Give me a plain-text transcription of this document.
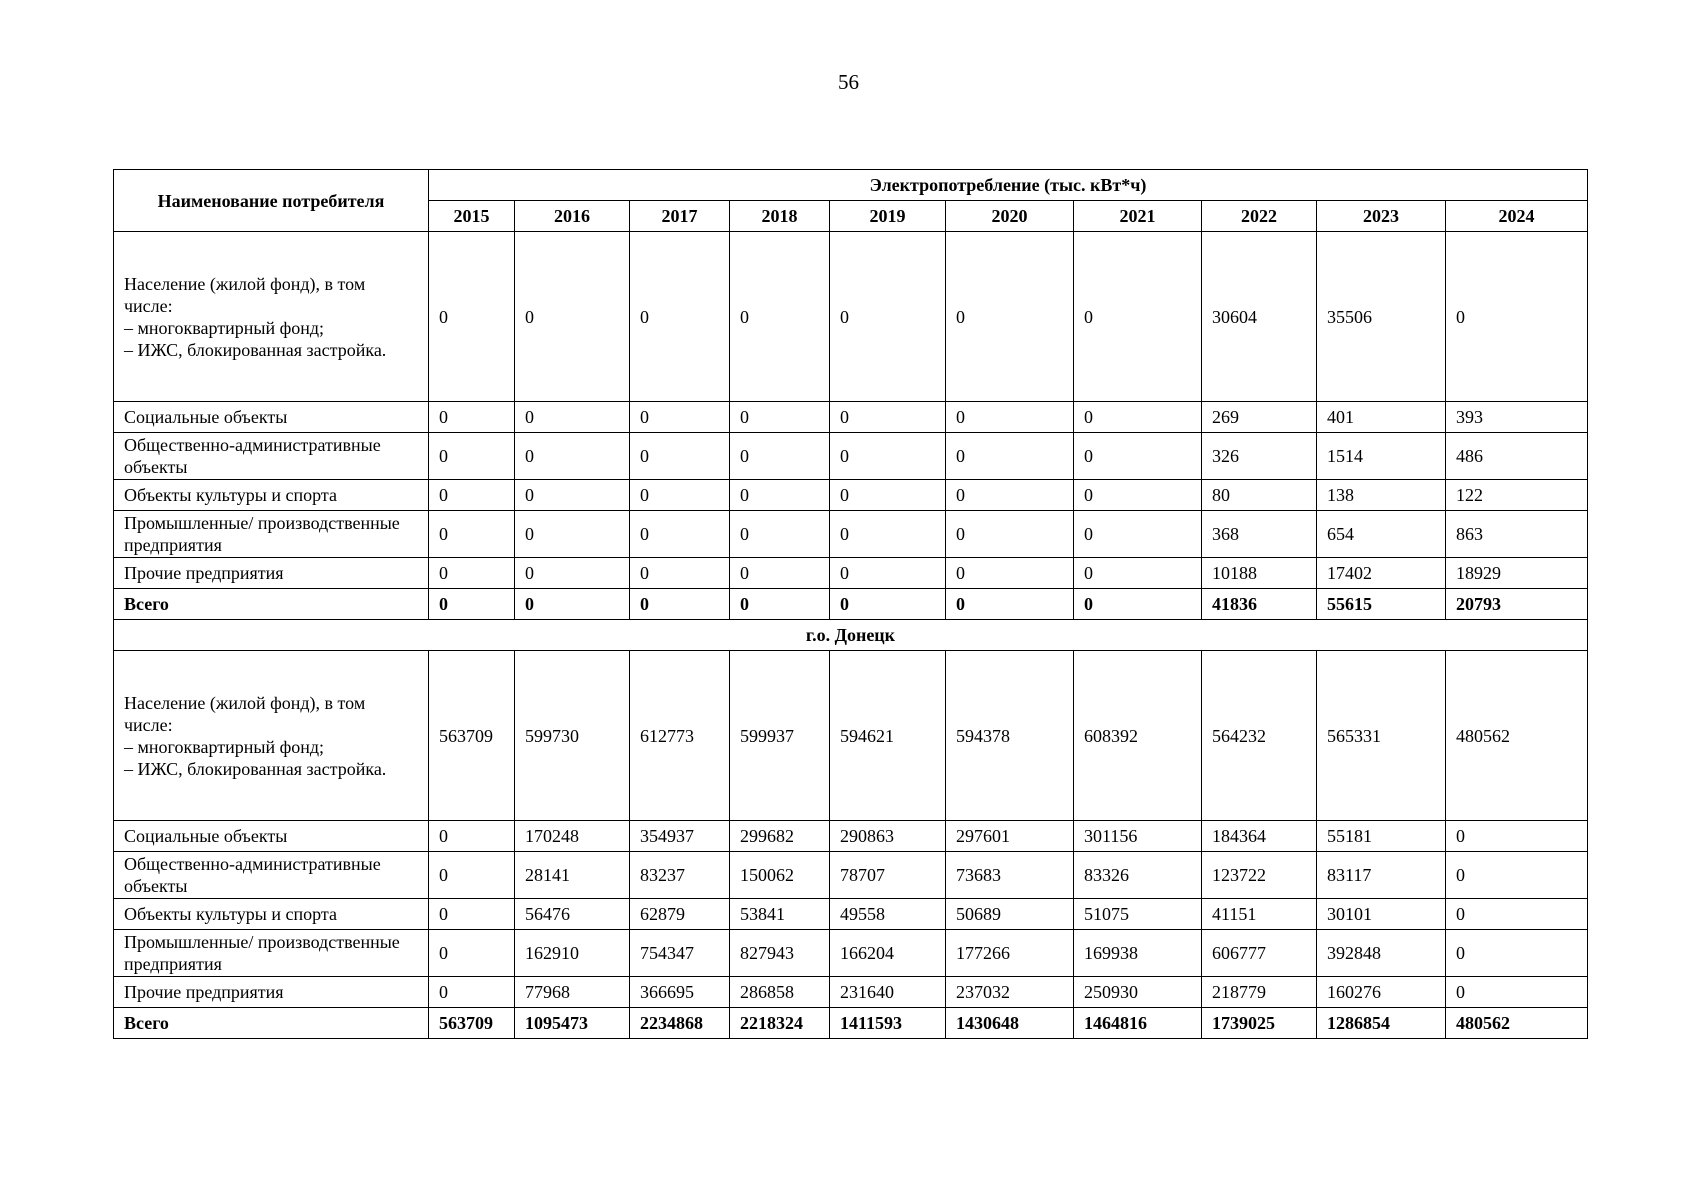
56
Наименование потребителя	Электропотребление (тыс. кВт*ч)									
	2015	2016	2017	2018	2019	2020	2021	2022	2023	2024
Население (жилой фонд), в том числе:
– многоквартирный фонд;
– ИЖС, блокированная застройка.	0	0	0	0	0	0	0	30604	35506	0
Социальные объекты	0	0	0	0	0	0	0	269	401	393
Общественно-административные объекты	0	0	0	0	0	0	0	326	1514	486
Объекты культуры и спорта	0	0	0	0	0	0	0	80	138	122
Промышленные/ производственные предприятия	0	0	0	0	0	0	0	368	654	863
Прочие предприятия	0	0	0	0	0	0	0	10188	17402	18929
Всего	0	0	0	0	0	0	0	41836	55615	20793
г.о. Донецк										
Население (жилой фонд), в том числе:
– многоквартирный фонд;
– ИЖС, блокированная застройка.	563709	599730	612773	599937	594621	594378	608392	564232	565331	480562
Социальные объекты	0	170248	354937	299682	290863	297601	301156	184364	55181	0
Общественно-административные объекты	0	28141	83237	150062	78707	73683	83326	123722	83117	0
Объекты культуры и спорта	0	56476	62879	53841	49558	50689	51075	41151	30101	0
Промышленные/ производственные предприятия	0	162910	754347	827943	166204	177266	169938	606777	392848	0
Прочие предприятия	0	77968	366695	286858	231640	237032	250930	218779	160276	0
Всего	563709	1095473	2234868	2218324	1411593	1430648	1464816	1739025	1286854	480562
